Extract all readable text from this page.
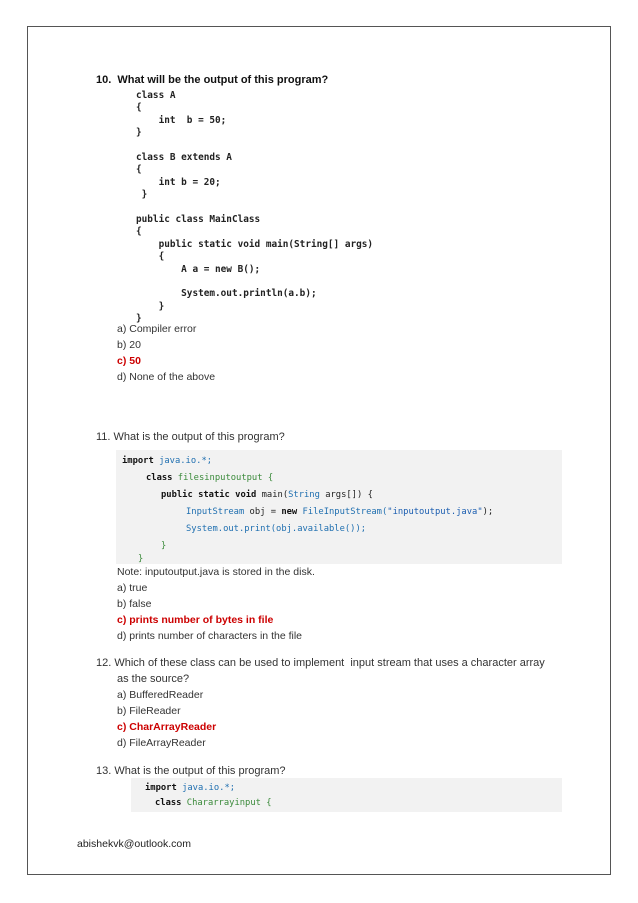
10.  What will be the output of this program?
class A
{
int  b = 50;
}
class B extends A
{
int b = 20;
}
public class MainClass
{
public static void main(String[] args)
{
A a = new B();
System.out.println(a.b);
}
}
a) Compiler error
b) 20
c) 50
d) None of the above
11. What is the output of this program?
import java.io.*;
class filesinputoutput {
public static void main(String args[]) {
InputStream obj = new FileInputStream("inputoutput.java");
System.out.print(obj.available());
}
}
Note: inputoutput.java is stored in the disk.
a) true
b) false
c) prints number of bytes in file
d) prints number of characters in the file
12. Which of these class can be used to implement  input stream that uses a character array
as the source?
a) BufferedReader
b) FileReader
c) CharArrayReader
d) FileArrayReader
13. What is the output of this program?
import java.io.*;
class Chararrayinput {
abishekvk@outlook.com
